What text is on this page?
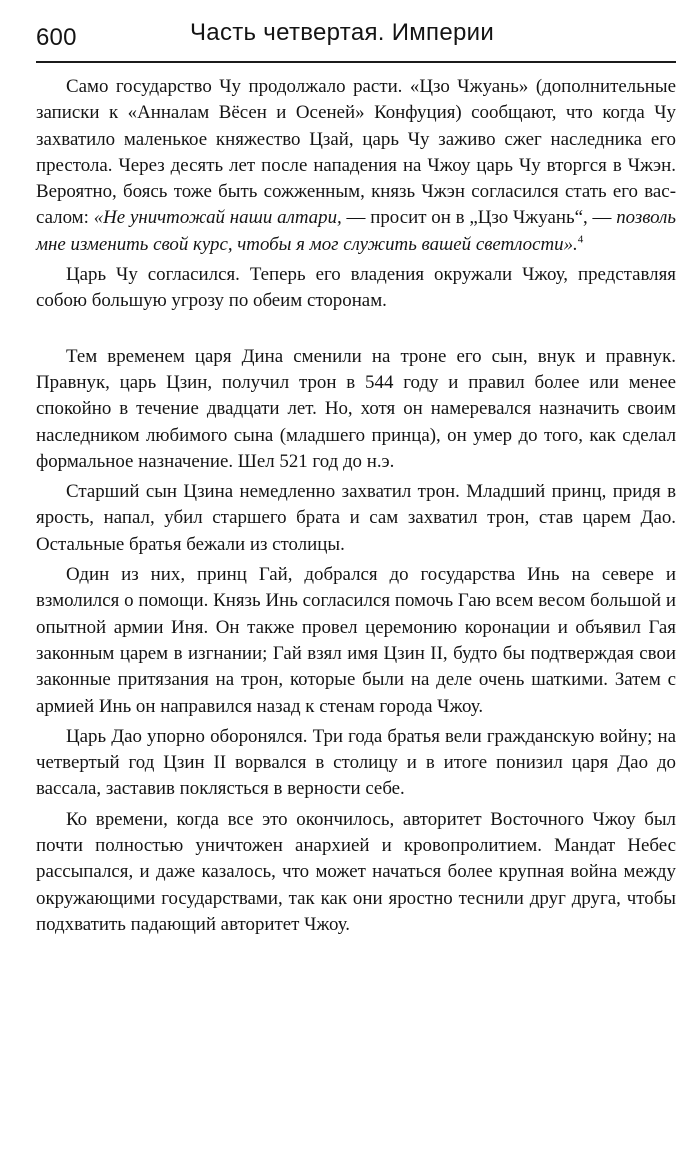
600	Часть четвертая. Империи

Само государство Чу продолжало расти. «Цзо Чжуань» (дополнительные записки к «Анналам Вёсен и Осеней» Конфуция) сообщают, что когда Чу захватило маленькое княжество Цзай, царь Чу заживо сжег наследника его престола. Через десять лет после нападения на Чжоу царь Чу вторгся в Чжэн. Вероятно, боясь тоже быть сожженным, князь Чжэн согласился стать его вассалом: «Не уничтожай наши алтари, — просит он в „Цзо Чжуань“, — позволь мне изменить свой курс, чтобы я мог служить вашей светлости».$^4$

Царь Чу согласился. Теперь его владения окружали Чжоу, представляя собою большую угрозу по обеим сторонам.

Тем временем царя Дина сменили на троне его сын, внук и правнук. Правнук, царь Цзин, получил трон в 544 году и правил более или менее спокойно в течение двадцати лет. Но, хотя он намеревался назначить своим наследником любимого сына (младшего принца), он умер до того, как сделал формальное назначение. Шел 521 год до н.э.

Старший сын Цзина немедленно захватил трон. Младший принц, придя в ярость, напал, убил старшего брата и сам захватил трон, став царем Дао. Остальные братья бежали из столицы.

Один из них, принц Гай, добрался до государства Инь на севере и взмолился о помощи. Князь Инь согласился помочь Гаю всем весом большой и опытной армии Иня. Он также провел церемонию коронации и объявил Гая законным царем в изгнании; Гай взял имя Цзин II, будто бы подтверждая свои законные притязания на трон, которые были на деле очень шаткими. Затем с армией Инь он направился назад к стенам города Чжоу.

Царь Дао упорно оборонялся. Три года братья вели гражданскую войну; на четвертый год Цзин II ворвался в столицу и в итоге понизил царя Дао до вассала, заставив поклясться в верности себе.

Ко времени, когда все это окончилось, авторитет Восточного Чжоу был почти полностью уничтожен анархией и кровопролитием. Мандат Небес рассыпался, и даже казалось, что может начаться более крупная война между окружающими государствами, так как они яростно теснили друг друга, чтобы подхватить падающий авторитет Чжоу.
